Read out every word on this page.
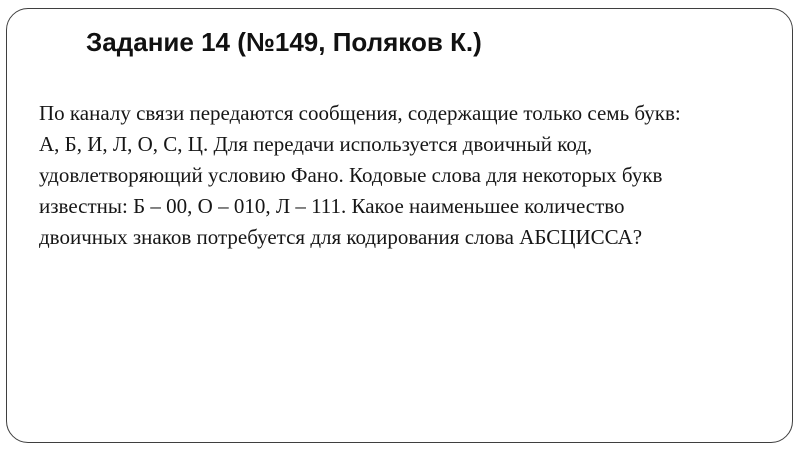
Задание 14 (№149, Поляков К.)
По каналу связи передаются сообщения, содержащие только семь букв:
А, Б, И, Л, О, С, Ц. Для передачи используется двоичный код,
удовлетворяющий условию Фано. Кодовые слова для некоторых букв
известны: Б – 00, О – 010, Л – 111. Какое наименьшее количество
двоичных знаков потребуется для кодирования слова АБСЦИССА?
